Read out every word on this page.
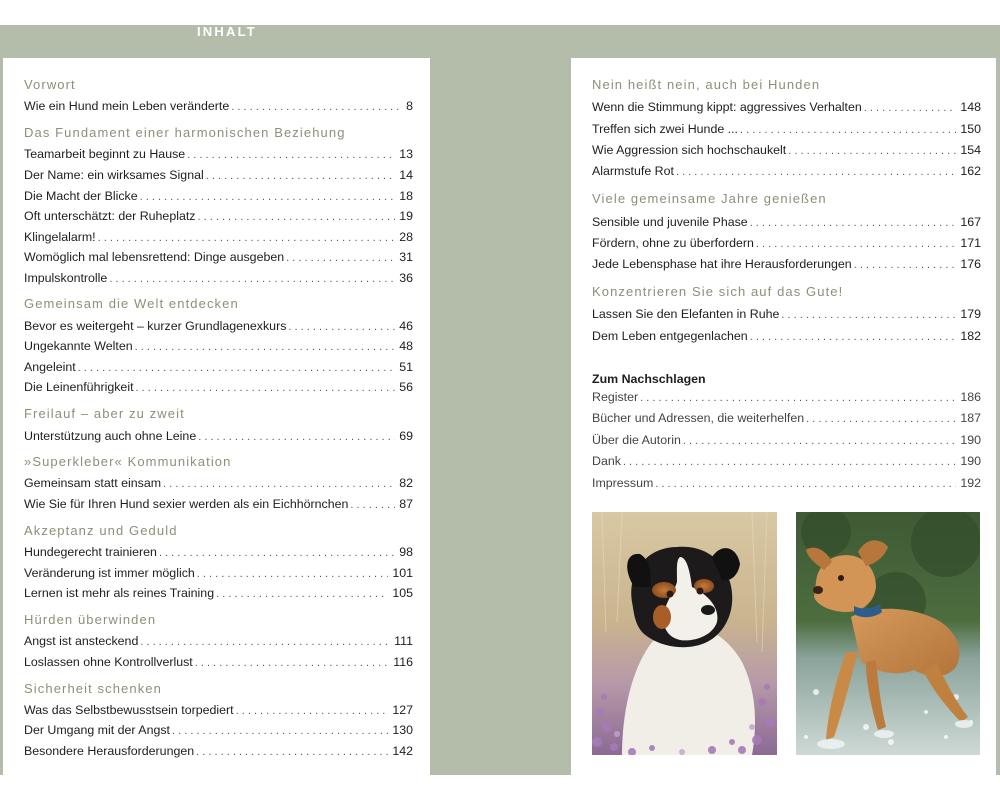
INHALT
Vorwort
Wie ein Hund mein Leben veränderte . . .	8
Das Fundament einer harmonischen Beziehung
Teamarbeit beginnt zu Hause . . .	13
Der Name: ein wirksames Signal . . .	14
Die Macht der Blicke . . .	18
Oft unterschätzt: der Ruheplatz . . .	19
Klingelalarm! . . .	28
Womöglich mal lebensrettend: Dinge ausgeben . . .	31
Impulskontrolle . . .	36
Gemeinsam die Welt entdecken
Bevor es weitergeht – kurzer Grundlagenexkurs . . .	46
Ungekannte Welten . . .	48
Angeleint . . .	51
Die Leinenführigkeit . . .	56
Freilauf – aber zu zweit
Unterstützung auch ohne Leine . . .	69
»Superkleber« Kommunikation
Gemeinsam statt einsam . . .	82
Wie Sie für Ihren Hund sexier werden als ein Eichhörnchen . . .	87
Akzeptanz und Geduld
Hundegerecht trainieren . . .	98
Veränderung ist immer möglich . . .	101
Lernen ist mehr als reines Training . . .	105
Hürden überwinden
Angst ist ansteckend . . .	111
Loslassen ohne Kontrollverlust . . .	116
Sicherheit schenken
Was das Selbstbewusstsein torpediert . . .	127
Der Umgang mit der Angst . . .	130
Besondere Herausforderungen . . .	142
Nein heißt nein, auch bei Hunden
Wenn die Stimmung kippt: aggressives Verhalten . . .	148
Treffen sich zwei Hunde ... . . .	150
Wie Aggression sich hochschaukelt . . .	154
Alarmstufe Rot . . .	162
Viele gemeinsame Jahre genießen
Sensible und juvenile Phase . . .	167
Fördern, ohne zu überfordern . . .	171
Jede Lebensphase hat ihre Herausforderungen . . .	176
Konzentrieren Sie sich auf das Gute!
Lassen Sie den Elefanten in Ruhe . . .	179
Dem Leben entgegenlachen . . .	182
Zum Nachschlagen
Register . . .	186
Bücher und Adressen, die weiterhelfen . . .	187
Über die Autorin . . .	190
Dank . . .	190
Impressum . . .	192
